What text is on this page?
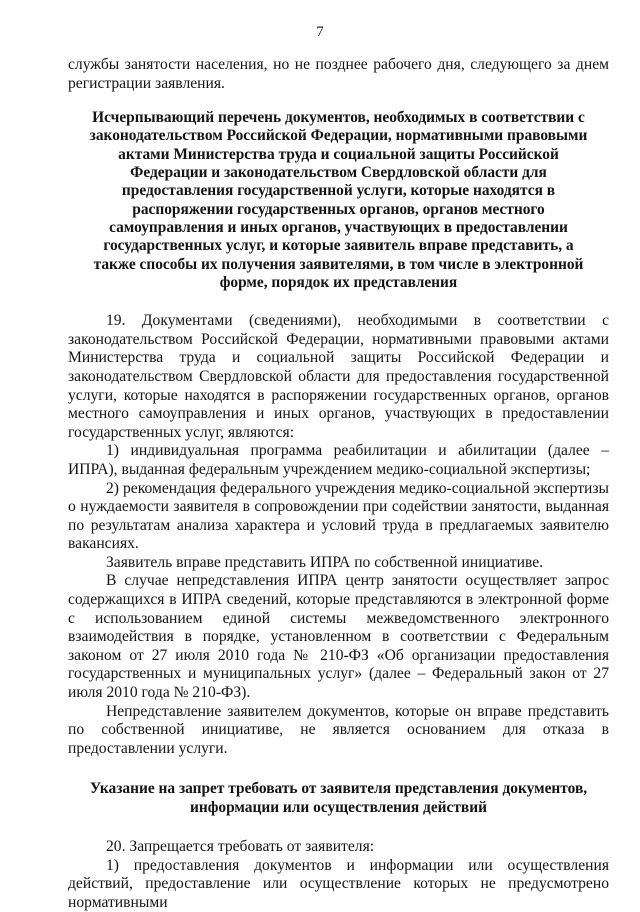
7

службы занятости населения, но не позднее рабочего дня, следующего за днем регистрации заявления.

Исчерпывающий перечень документов, необходимых в соответствии с законодательством Российской Федерации, нормативными правовыми актами Министерства труда и социальной защиты Российской Федерации и законодательством Свердловской области для предоставления государственной услуги, которые находятся в распоряжении государственных органов, органов местного самоуправления и иных органов, участвующих в предоставлении государственных услуг, и которые заявитель вправе представить, а также способы их получения заявителями, в том числе в электронной форме, порядок их представления

19. Документами (сведениями), необходимыми в соответствии с законодательством Российской Федерации, нормативными правовыми актами Министерства труда и социальной защиты Российской Федерации и законодательством Свердловской области для предоставления государственной услуги, которые находятся в распоряжении государственных органов, органов местного самоуправления и иных органов, участвующих в предоставлении государственных услуг, являются:

1) индивидуальная программа реабилитации и абилитации (далее – ИПРА), выданная федеральным учреждением медико-социальной экспертизы;

2) рекомендация федерального учреждения медико-социальной экспертизы о нуждаемости заявителя в сопровождении при содействии занятости, выданная по результатам анализа характера и условий труда в предлагаемых заявителю вакансиях.

Заявитель вправе представить ИПРА по собственной инициативе.

В случае непредставления ИПРА центр занятости осуществляет запрос содержащихся в ИПРА сведений, которые представляются в электронной форме с использованием единой системы межведомственного электронного взаимодействия в порядке, установленном в соответствии с Федеральным законом от 27 июля 2010 года № 210-ФЗ «Об организации предоставления государственных и муниципальных услуг» (далее – Федеральный закон от 27 июля 2010 года № 210-ФЗ).

Непредставление заявителем документов, которые он вправе представить по собственной инициативе, не является основанием для отказа в предоставлении услуги.

Указание на запрет требовать от заявителя представления документов, информации или осуществления действий

20. Запрещается требовать от заявителя:

1) предоставления документов и информации или осуществления действий, предоставление или осуществление которых не предусмотрено нормативными
